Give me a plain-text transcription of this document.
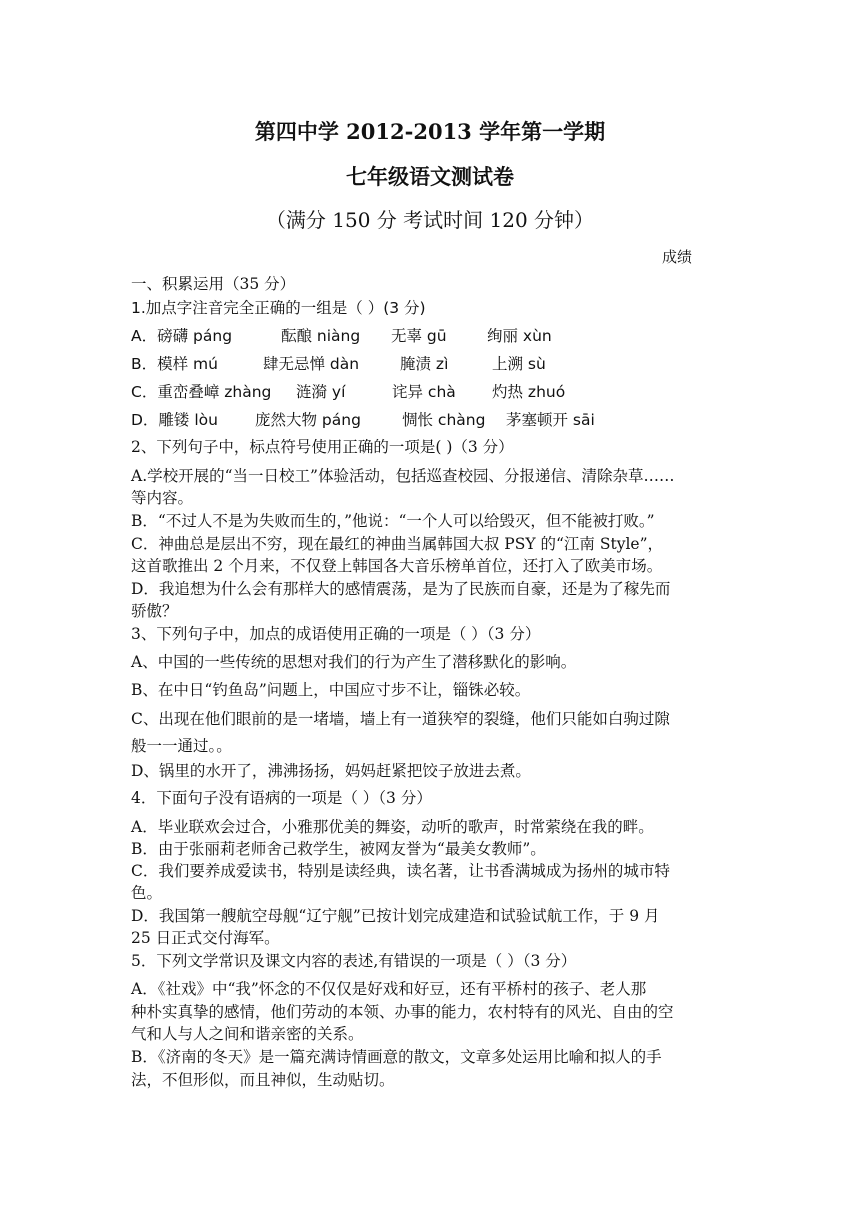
第四中学 2012-2013 学年第一学期
七年级语文测试卷
（满分 150 分 考试时间 120 分钟）
成绩
一、积累运用（35 分）
1.加点字注音完全正确的一组是（ ）(3 分)
A．磅礴 páng	酝酿 niàng 无辜 gū	绚丽 xùn
B．模样 mú	肆无忌惮 dàn	腌渍 zì	上溯 sù
C．重峦叠嶂 zhàng 涟漪 yí	诧异 chà 灼热 zhuó
D．雕镂 lòu 庞然大物 páng	惆怅 chàng 茅塞顿开 sāi
2、下列句子中，标点符号使用正确的一项是( )（3 分）
A.学校开展的“当一日校工”体验活动，包括巡查校园、分报递信、清除杂草……
等内容。
B．“不过人不是为失败而生的，”他说：“一个人可以给毁灭，但不能被打败。”
C．神曲总是层出不穷，现在最红的神曲当属韩国大叔 PSY 的“江南 Style”，
这首歌推出 2 个月来，不仅登上韩国各大音乐榜单首位，还打入了欧美市场。
D．我追想为什么会有那样大的感情震荡，是为了民族而自豪，还是为了稼先而
骄傲？
3、下列句子中，加点的成语使用正确的一项是（ ）（3 分）
A、中国的一些传统的思想对我们的行为产生了潜移默化的影响。
B、在中日“钓鱼岛”问题上，中国应寸步不让，锱铢必较。
C、出现在他们眼前的是一堵墙，墙上有一道狭窄的裂缝，他们只能如白驹过隙
般一一通过。。
D、锅里的水开了，沸沸扬扬，妈妈赶紧把饺子放进去煮。
4．下面句子没有语病的一项是（ ）（3 分）
A．毕业联欢会过合，小雅那优美的舞姿，动听的歌声，时常萦绕在我的畔。
B．由于张丽莉老师舍己救学生，被网友誉为“最美女教师”。
C．我们要养成爱读书，特别是读经典，读名著，让书香满城成为扬州的城市特
色。
D．我国第一艘航空母舰“辽宁舰”已按计划完成建造和试验试航工作，于 9 月
25 日正式交付海军。
5．下列文学常识及课文内容的表述,有错误的一项是（ ）（3 分）
A．《社戏》中“我”怀念的不仅仅是好戏和好豆，还有平桥村的孩子、老人那
种朴实真挚的感情，他们劳动的本领、办事的能力，农村特有的风光、自由的空
气和人与人之间和谐亲密的关系。
B．《济南的冬天》是一篇充满诗情画意的散文，文章多处运用比喻和拟人的手
法，不但形似，而且神似，生动贴切。
